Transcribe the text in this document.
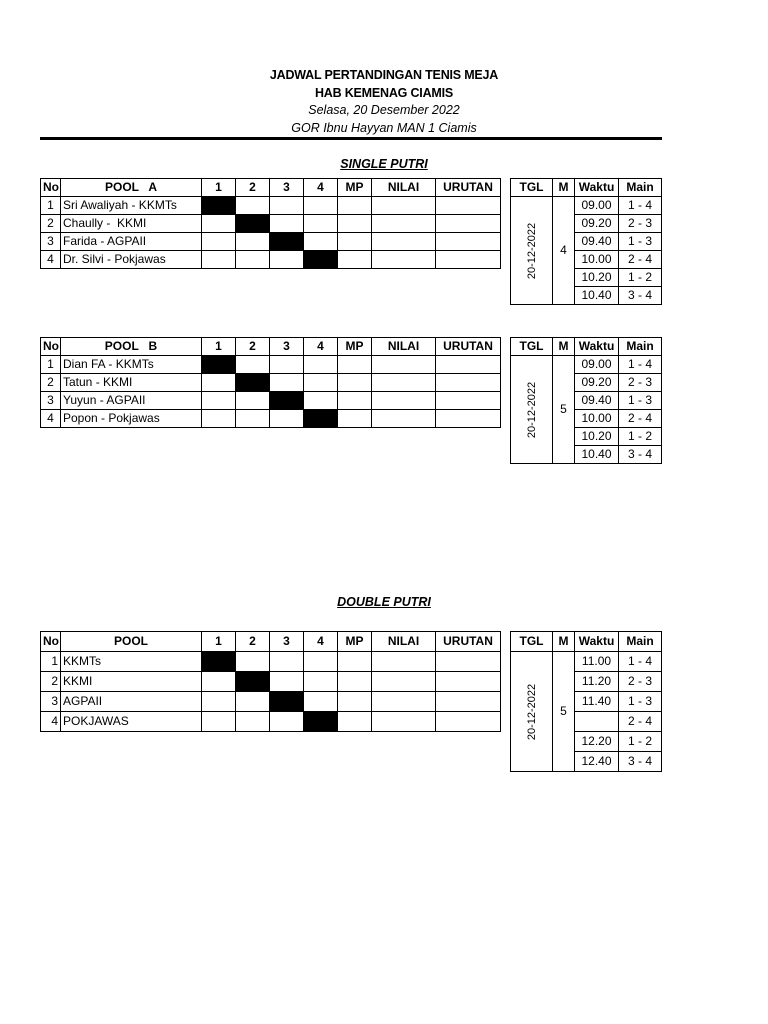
JADWAL PERTANDINGAN TENIS MEJA
HAB KEMENAG CIAMIS
Selasa, 20 Desember 2022
GOR Ibnu Hayyan MAN 1 Ciamis
SINGLE PUTRI
No	POOL   A	1	2	3	4	MP	NILAI	URUTAN
1	Sri Awaliyah - KKMTs							
2	Chaully -  KKMI							
3	Farida - AGPAII							
4	Dr. Silvi - Pokjawas							
TGL	M	Waktu	Main

20-12-2022	4	09.00	1 - 4
		09.20	2 - 3
		09.40	1 - 3
		10.00	2 - 4
		10.20	1 - 2
		10.40	3 - 4
No	POOL   B	1	2	3	4	MP	NILAI	URUTAN
1	Dian FA - KKMTs							
2	Tatun - KKMI							
3	Yuyun - AGPAII							
4	Popon - Pokjawas							
TGL	M	Waktu	Main

20-12-2022	5	09.00	1 - 4
		09.20	2 - 3
		09.40	1 - 3
		10.00	2 - 4
		10.20	1 - 2
		10.40	3 - 4
DOUBLE PUTRI
No	POOL	1	2	3	4	MP	NILAI	URUTAN
1	KKMTs							
2	KKMI							
3	AGPAII							
4	POKJAWAS							
TGL	M	Waktu	Main

20-12-2022	5	11.00	1 - 4
		11.20	2 - 3
		11.40	1 - 3
			2 - 4
		12.20	1 - 2
		12.40	3 - 4
